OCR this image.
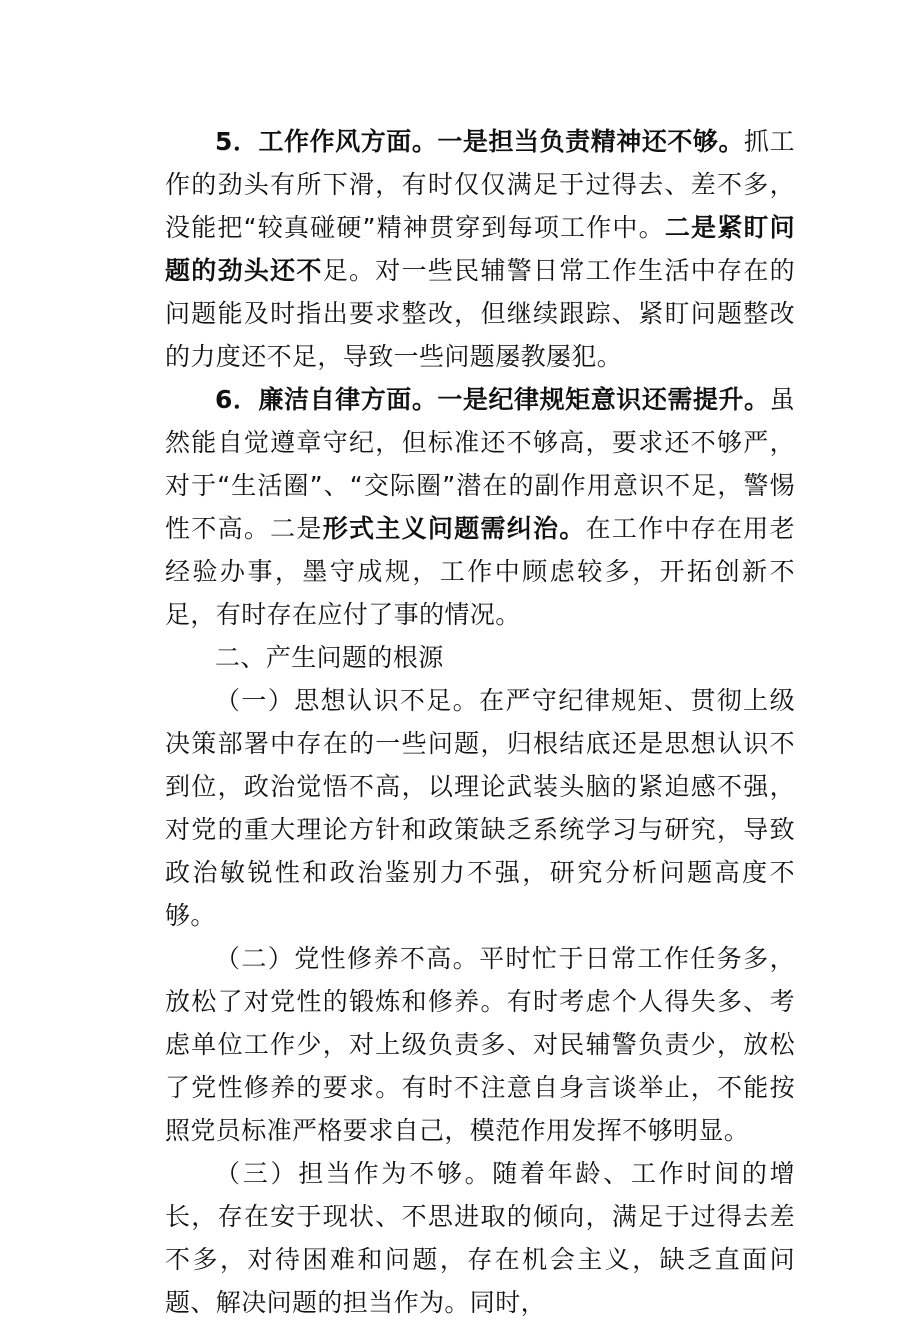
5．工作作风方面。一是担当负责精神还不够。抓工作的劲头有所下滑，有时仅仅满足于过得去、差不多，没能把“较真碰硬”精神贯穿到每项工作中。二是紧盯问题的劲头还不足。对一些民辅警日常工作生活中存在的问题能及时指出要求整改，但继续跟踪、紧盯问题整改的力度还不足，导致一些问题屡教屡犯。

6．廉洁自律方面。一是纪律规矩意识还需提升。虽然能自觉遵章守纪，但标准还不够高，要求还不够严，对于“生活圈”、“交际圈”潜在的副作用意识不足，警惕性不高。二是形式主义问题需纠治。在工作中存在用老经验办事，墨守成规，工作中顾虑较多，开拓创新不足，有时存在应付了事的情况。

二、产生问题的根源

（一）思想认识不足。在严守纪律规矩、贯彻上级决策部署中存在的一些问题，归根结底还是思想认识不到位，政治觉悟不高，以理论武装头脑的紧迫感不强，对党的重大理论方针和政策缺乏系统学习与研究，导致政治敏锐性和政治鉴别力不强，研究分析问题高度不够。

（二）党性修养不高。平时忙于日常工作任务多，放松了对党性的锻炼和修养。有时考虑个人得失多、考虑单位工作少，对上级负责多、对民辅警负责少，放松了党性修养的要求。有时不注意自身言谈举止，不能按照党员标准严格要求自己，模范作用发挥不够明显。

（三）担当作为不够。随着年龄、工作时间的增长，存在安于现状、不思进取的倾向，满足于过得去差不多，对待困难和问题，存在机会主义，缺乏直面问题、解决问题的担当作为。同时，
